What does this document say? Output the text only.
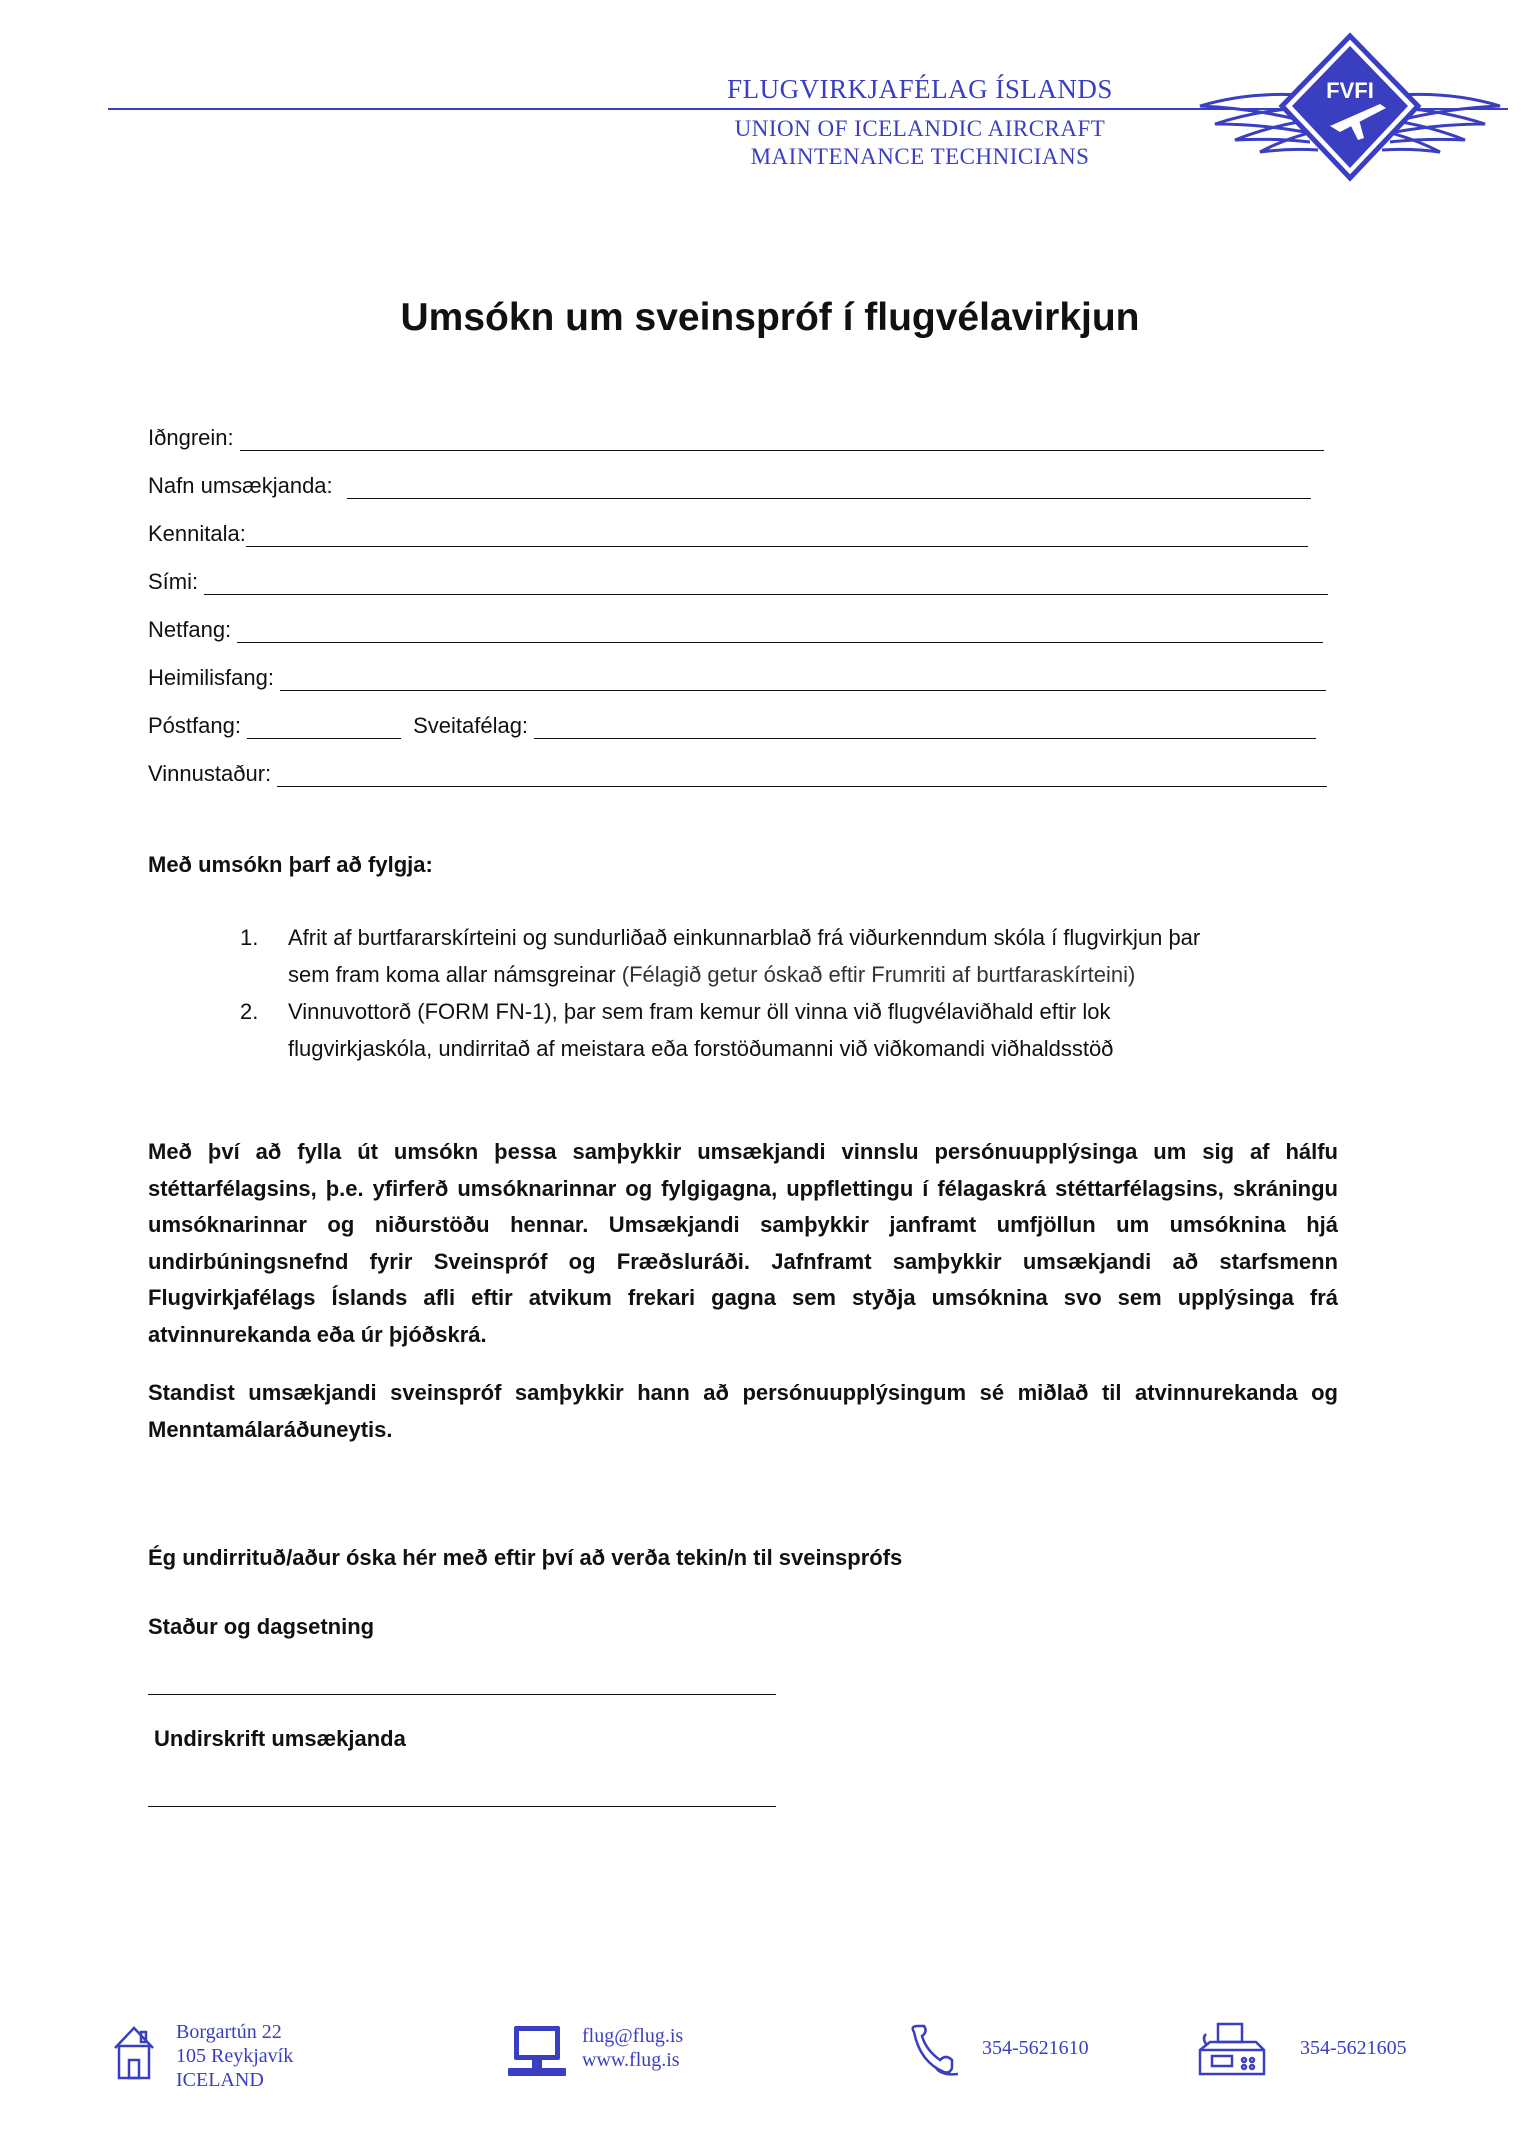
FLUGVIRKJAFÉLAG ÍSLANDS
UNION OF ICELANDIC AIRCRAFT
MAINTENANCE TECHNICIANS
FVFI
Umsókn um sveinspróf í flugvélavirkjun
Iðngrein:
Nafn umsækjanda:
Kennitala:
Sími:
Netfang:
Heimilisfang:
Póstfang:	Sveitafélag:
Vinnustaður:
Með umsókn þarf að fylgja:
1. Afrit af burtfararskírteini og sundurliðað einkunnarblað frá viðurkenndum skóla í flugvirkjun þar
sem fram koma allar námsgreinar (Félagið getur óskað eftir Frumriti af burtfaraskírteini)
2. Vinnuvottorð (FORM FN-1), þar sem fram kemur öll vinna við flugvélaviðhald eftir lok
flugvirkjaskóla, undirritað af meistara eða forstöðumanni við viðkomandi viðhaldsstöð
Með því að fylla út umsókn þessa samþykkir umsækjandi vinnslu persónuupplýsinga um sig af hálfu stéttarfélagsins, þ.e. yfirferð umsóknarinnar og fylgigagna, uppflettingu í félagaskrá stéttarfélagsins, skráningu umsóknarinnar og niðurstöðu hennar. Umsækjandi samþykkir janframt umfjöllun um umsóknina hjá undirbúningsnefnd fyrir Sveinspróf og Fræðsluráði. Jafnframt samþykkir umsækjandi að starfsmenn Flugvirkjafélags Íslands afli eftir atvikum frekari gagna sem styðja umsóknina svo sem upplýsinga frá atvinnurekanda eða úr þjóðskrá.
Standist umsækjandi sveinspróf samþykkir hann að persónuupplýsingum sé miðlað til atvinnurekanda og Menntamálaráðuneytis.
Ég undirrituð/aður óska hér með eftir því að verða tekin/n til sveinsprófs
Staður og dagsetning
Undirskrift umsækjanda
Borgartún 22
105 Reykjavík
ICELAND
flug@flug.is
www.flug.is
354-5621610	354-5621605
